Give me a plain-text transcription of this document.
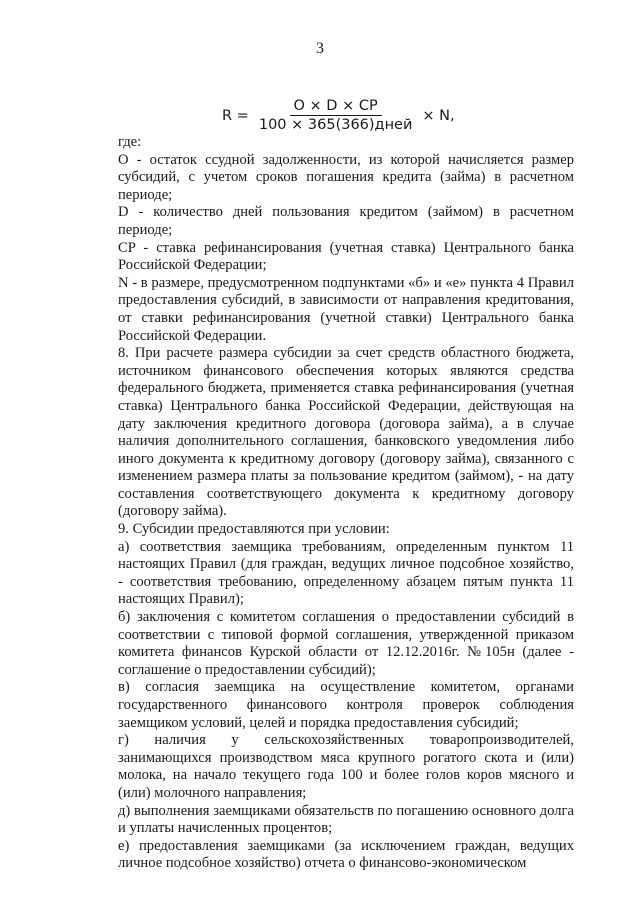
3
$R = \frac{O \times D \times CP}{\text{100 × 365(366)дней}} \times N$,

где:

О - остаток ссудной задолженности, из которой начисляется размер субсидий, с учетом сроков погашения кредита (займа) в расчетном периоде;

D - количество дней пользования кредитом (займом) в расчетном периоде;

CP - ставка рефинансирования (учетная ставка) Центрального банка Российской Федерации;

N - в размере, предусмотренном подпунктами «б» и «е» пункта 4 Правил предоставления субсидий, в зависимости от направления кредитования, от ставки рефинансирования (учетной ставки) Центрального банка Российской Федерации.

8. При расчете размера субсидии за счет средств областного бюджета, источником финансового обеспечения которых являются средства федерального бюджета, применяется ставка рефинансирования (учетная ставка) Центрального банка Российской Федерации, действующая на дату заключения кредитного договора (договора займа), а в случае наличия дополнительного соглашения, банковского уведомления либо иного документа к кредитному договору (договору займа), связанного с изменением размера платы за пользование кредитом (займом), - на дату составления соответствующего документа к кредитному договору (договору займа).

9. Субсидии предоставляются при условии:

а) соответствия заемщика требованиям, определенным пунктом 11 настоящих Правил (для граждан, ведущих личное подсобное хозяйство, - соответствия требованию, определенному абзацем пятым пункта 11 настоящих Правил);

б) заключения с комитетом соглашения о предоставлении субсидий в соответствии с типовой формой соглашения, утвержденной приказом комитета финансов Курской области от 12.12.2016г. №105н (далее - соглашение о предоставлении субсидий);

в) согласия заемщика на осуществление комитетом, органами государственного финансового контроля проверок соблюдения заемщиком условий, целей и порядка предоставления субсидий;

г) наличия у сельскохозяйственных товаропроизводителей, занимающихся производством мяса крупного рогатого скота и (или) молока, на начало текущего года 100 и более голов коров мясного и (или) молочного направления;

д) выполнения заемщиками обязательств по погашению основного долга и уплаты начисленных процентов;

е) предоставления заемщиками (за исключением граждан, ведущих личное подсобное хозяйство) отчета о финансово-экономическом
